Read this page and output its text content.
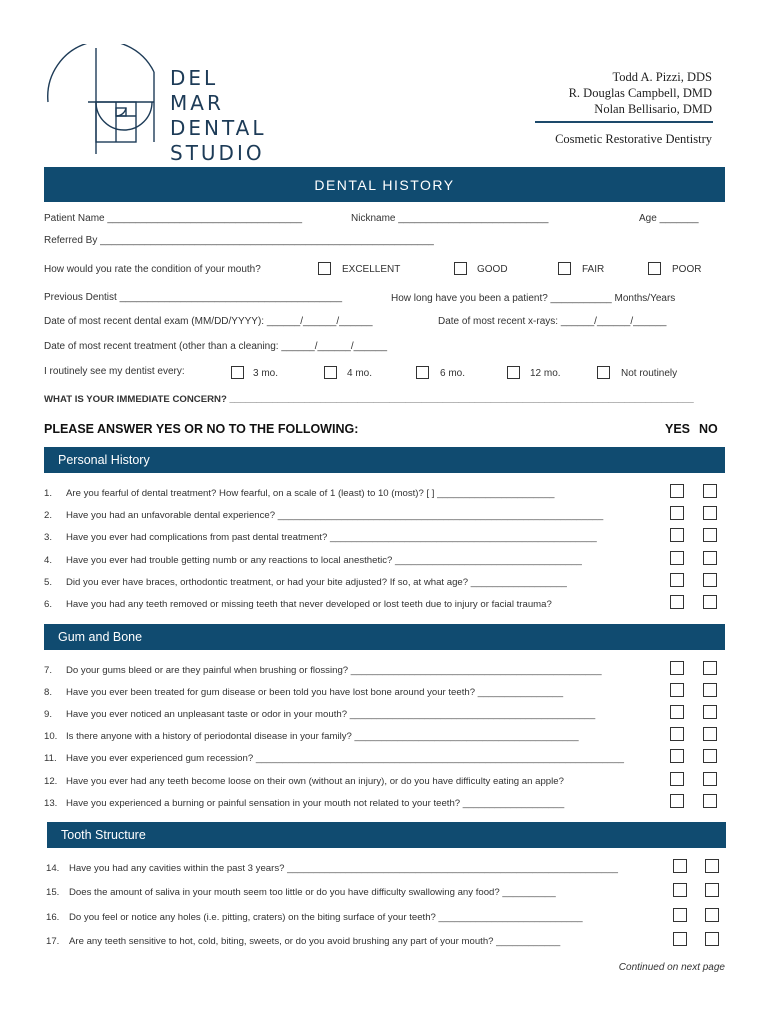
DEL MAR
DENTAL
STUDIO
Todd A. Pizzi, DDS
R. Douglas Campbell, DMD
Nolan Bellisario, DMD
Cosmetic Restorative Dentistry
DENTAL HISTORY
Patient Name ___________________________________	Nickname ___________________________	Age _______
Referred By ____________________________________________________________
How would you rate the condition of your mouth?	EXCELLENT	GOOD	FAIR	POOR
Previous Dentist ________________________________________	How long have you been a patient? ___________ Months/Years
Date of most recent dental exam (MM/DD/YYYY): ______/______/______	Date of most recent x-rays: ______/______/______
Date of most recent treatment (other than a cleaning: ______/______/______
I routinely see my dentist every:	3 mo.	4 mo.	6 mo.	12 mo.	Not routinely
WHAT IS YOUR IMMEDIATE CONCERN? _______________________________________________________________________________________
PLEASE ANSWER YES OR NO TO THE FOLLOWING:	YES NO
Personal History
1. Are you fearful of dental treatment? How fearful, on a scale of 1 (least) to 10 (most)? [ ] ______________________
2. Have you had an unfavorable dental experience? _____________________________________________________________
3. Have you ever had complications from past dental treatment? __________________________________________________
4. Have you ever had trouble getting numb or any reactions to local anesthetic? ___________________________________
5. Did you ever have braces, orthodontic treatment, or had your bite adjusted? If so, at what age? __________________
6. Have you had any teeth removed or missing teeth that never developed or lost teeth due to injury or facial trauma?
Gum and Bone
7. Do your gums bleed or are they painful when brushing or flossing? _______________________________________________
8. Have you ever been treated for gum disease or been told you have lost bone around your teeth? ________________
9. Have you ever noticed an unpleasant taste or odor in your mouth? ______________________________________________
10. Is there anyone with a history of periodontal disease in your family? __________________________________________
11. Have you ever experienced gum recession? _____________________________________________________________________
12. Have you ever had any teeth become loose on their own (without an injury), or do you have difficulty eating an apple?
13. Have you experienced a burning or painful sensation in your mouth not related to your teeth? ___________________
Tooth Structure
14. Have you had any cavities within the past 3 years? ______________________________________________________________
15. Does the amount of saliva in your mouth seem too little or do you have difficulty swallowing any food? __________
16. Do you feel or notice any holes (i.e. pitting, craters) on the biting surface of your teeth? ___________________________
17. Are any teeth sensitive to hot, cold, biting, sweets, or do you avoid brushing any part of your mouth? ____________
Continued on next page
